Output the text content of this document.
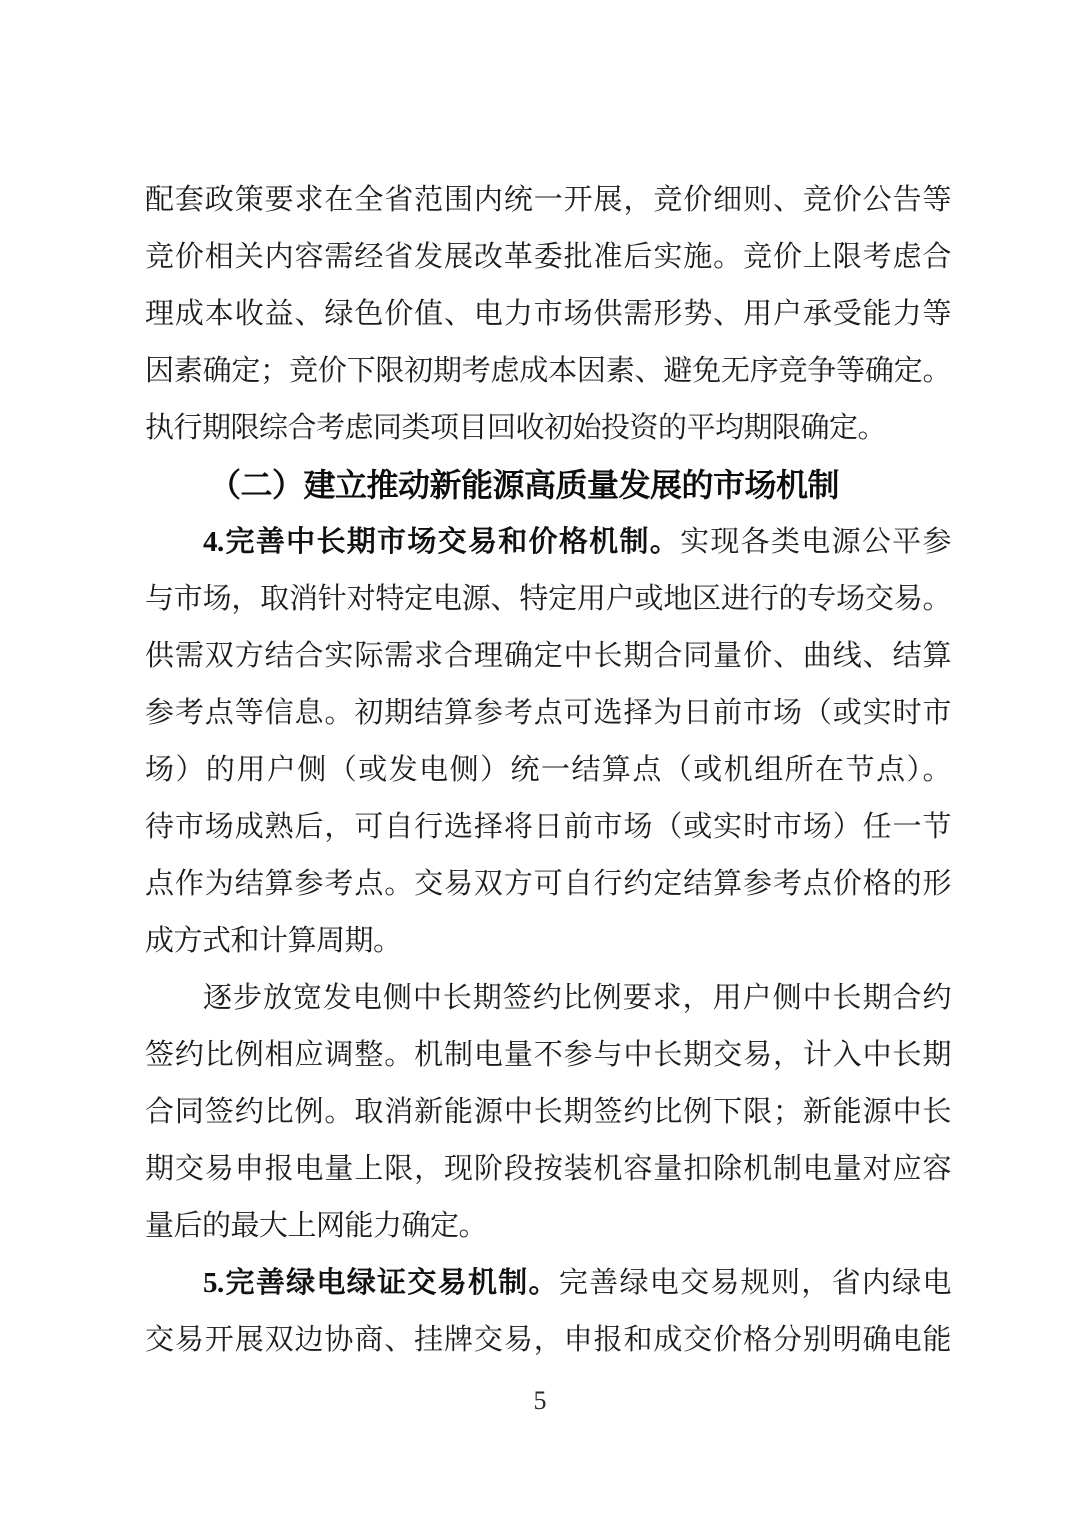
配套政策要求在全省范围内统一开展，竞价细则、竞价公告等
竞价相关内容需经省发展改革委批准后实施。竞价上限考虑合
理成本收益、绿色价值、电力市场供需形势、用户承受能力等
因素确定；竞价下限初期考虑成本因素、避免无序竞争等确定。
执行期限综合考虑同类项目回收初始投资的平均期限确定。
（二）建立推动新能源高质量发展的市场机制
4.完善中长期市场交易和价格机制。实现各类电源公平参
与市场，取消针对特定电源、特定用户或地区进行的专场交易。
供需双方结合实际需求合理确定中长期合同量价、曲线、结算
参考点等信息。初期结算参考点可选择为日前市场（或实时市
场）的用户侧（或发电侧）统一结算点（或机组所在节点）。
待市场成熟后，可自行选择将日前市场（或实时市场）任一节
点作为结算参考点。交易双方可自行约定结算参考点价格的形
成方式和计算周期。
逐步放宽发电侧中长期签约比例要求，用户侧中长期合约
签约比例相应调整。机制电量不参与中长期交易，计入中长期
合同签约比例。取消新能源中长期签约比例下限；新能源中长
期交易申报电量上限，现阶段按装机容量扣除机制电量对应容
量后的最大上网能力确定。
5.完善绿电绿证交易机制。完善绿电交易规则，省内绿电
交易开展双边协商、挂牌交易，申报和成交价格分别明确电能
5
